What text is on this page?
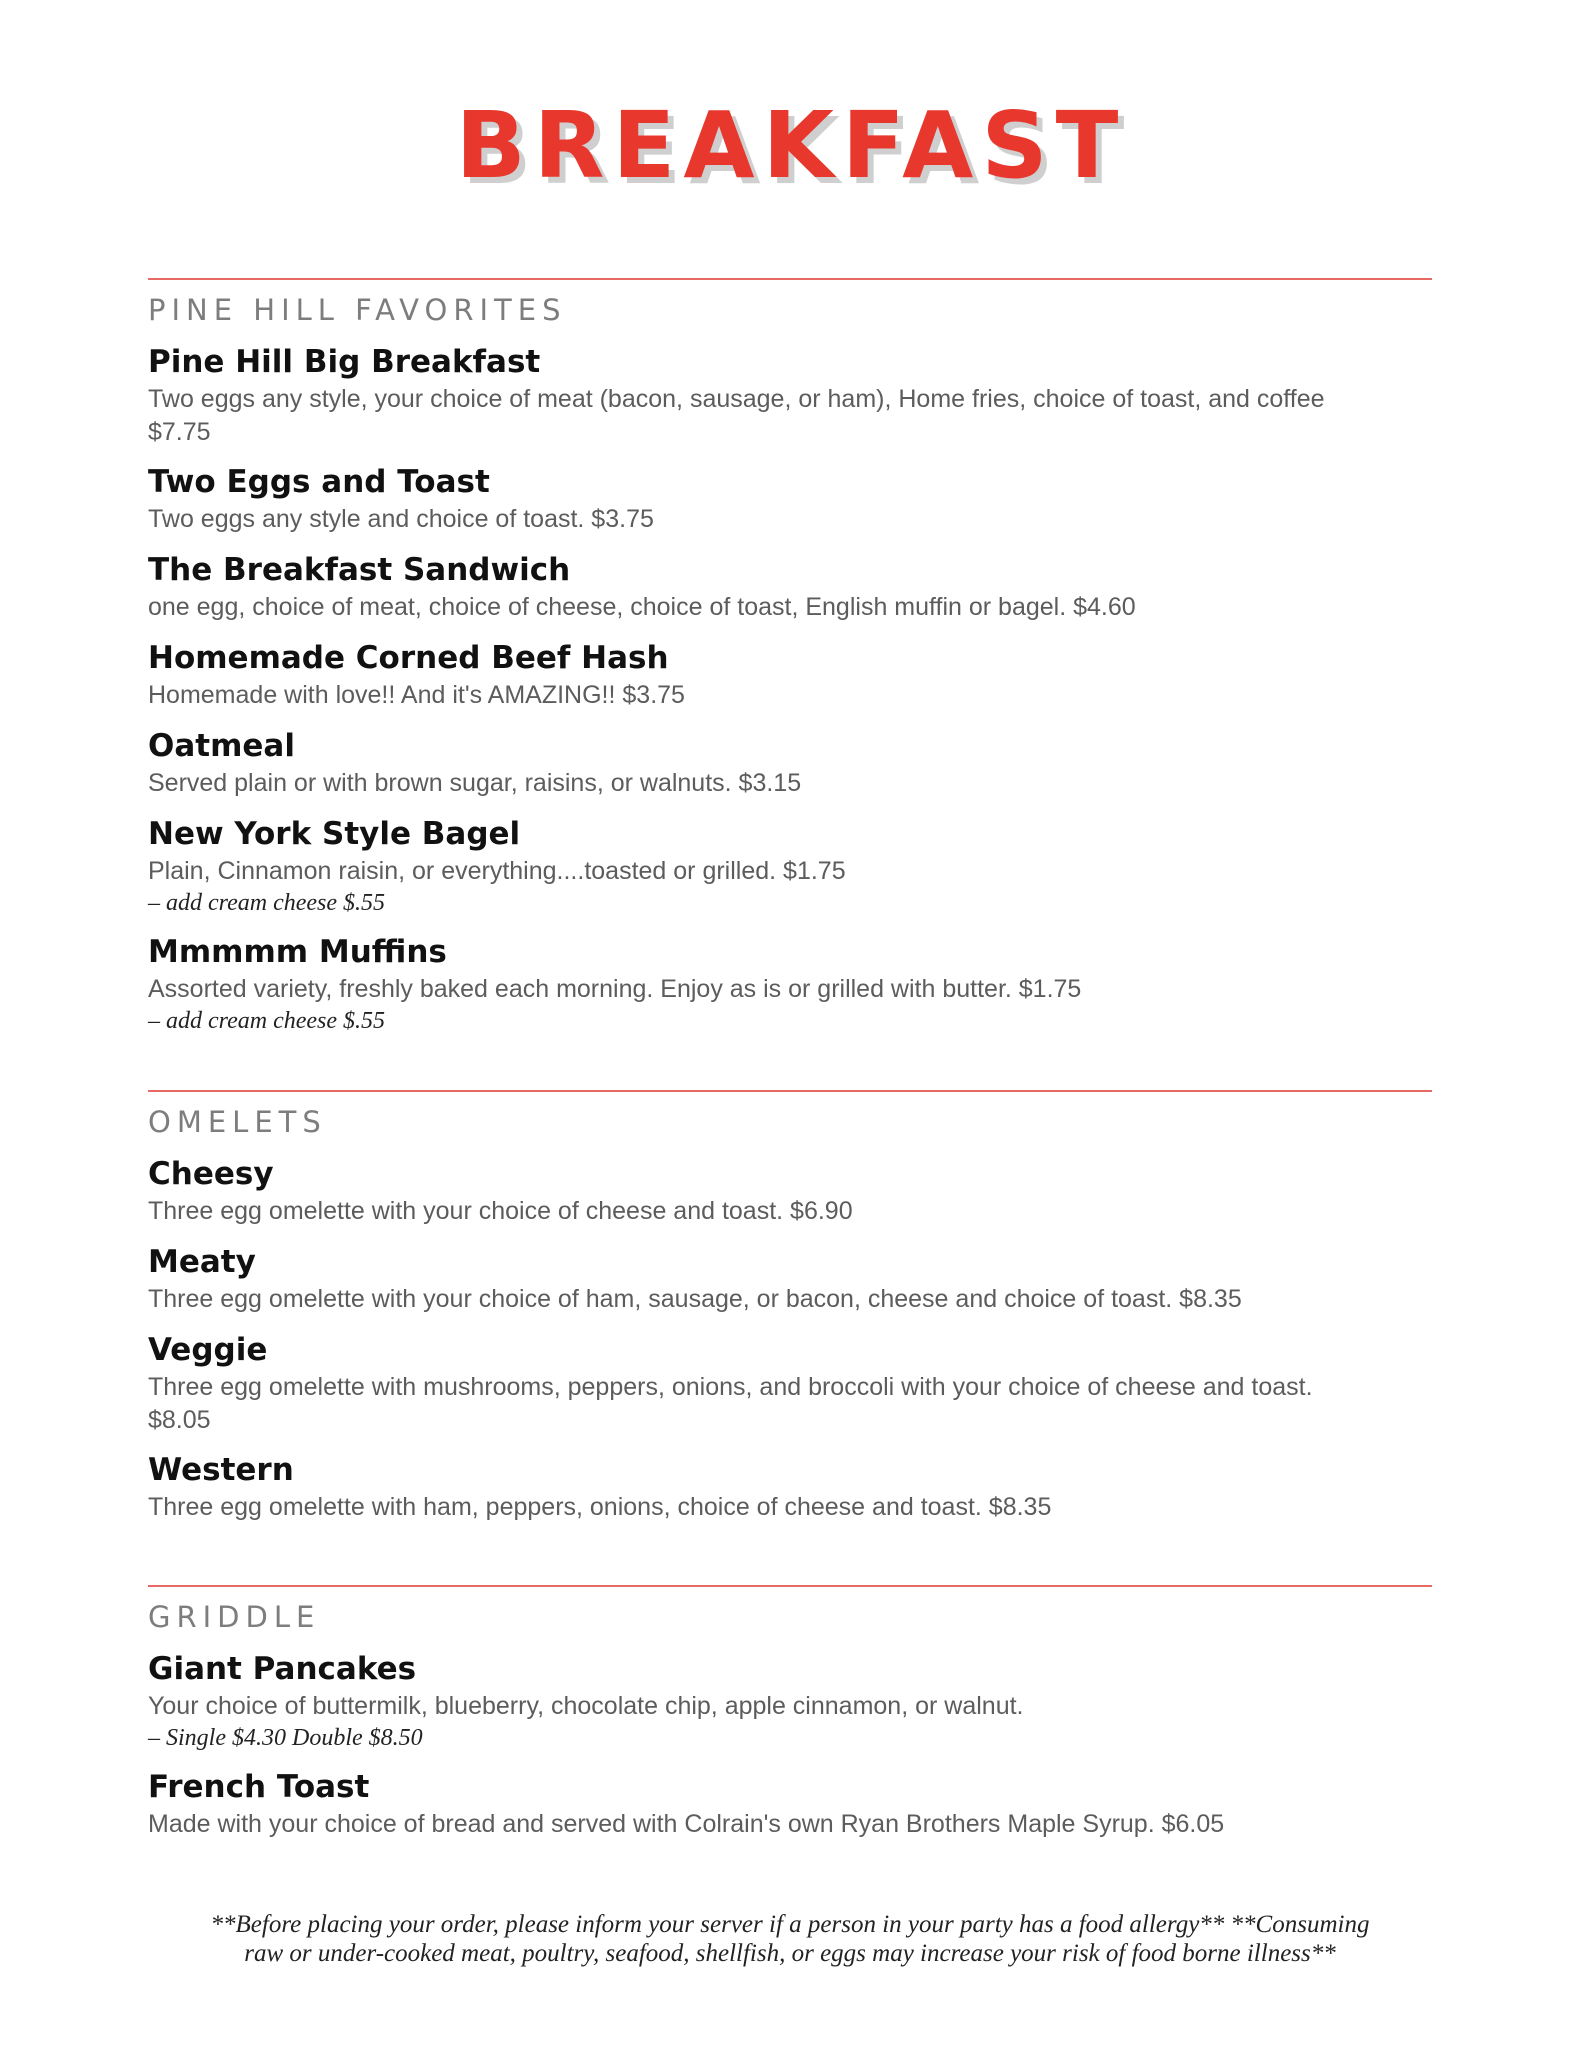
BREAKFAST
PINE HILL FAVORITES
Pine Hill Big Breakfast
Two eggs any style, your choice of meat (bacon, sausage, or ham), Home fries, choice of toast, and coffee
$7.75
Two Eggs and Toast
Two eggs any style and choice of toast. $3.75
The Breakfast Sandwich
one egg, choice of meat, choice of cheese, choice of toast, English muffin or bagel. $4.60
Homemade Corned Beef Hash
Homemade with love!! And it's AMAZING!! $3.75
Oatmeal
Served plain or with brown sugar, raisins, or walnuts. $3.15
New York Style Bagel
Plain, Cinnamon raisin, or everything....toasted or grilled. $1.75
– add cream cheese $.55
Mmmmm Muffins
Assorted variety, freshly baked each morning. Enjoy as is or grilled with butter. $1.75
– add cream cheese $.55
OMELETS
Cheesy
Three egg omelette with your choice of cheese and toast. $6.90
Meaty
Three egg omelette with your choice of ham, sausage, or bacon, cheese and choice of toast. $8.35
Veggie
Three egg omelette with mushrooms, peppers, onions, and broccoli with your choice of cheese and toast.
$8.05
Western
Three egg omelette with ham, peppers, onions, choice of cheese and toast. $8.35
GRIDDLE
Giant Pancakes
Your choice of buttermilk, blueberry, chocolate chip, apple cinnamon, or walnut.
– Single $4.30 Double $8.50
French Toast
Made with your choice of bread and served with Colrain's own Ryan Brothers Maple Syrup. $6.05
**Before placing your order, please inform your server if a person in your party has a food allergy** **Consuming
raw or under-cooked meat, poultry, seafood, shellfish, or eggs may increase your risk of food borne illness**
